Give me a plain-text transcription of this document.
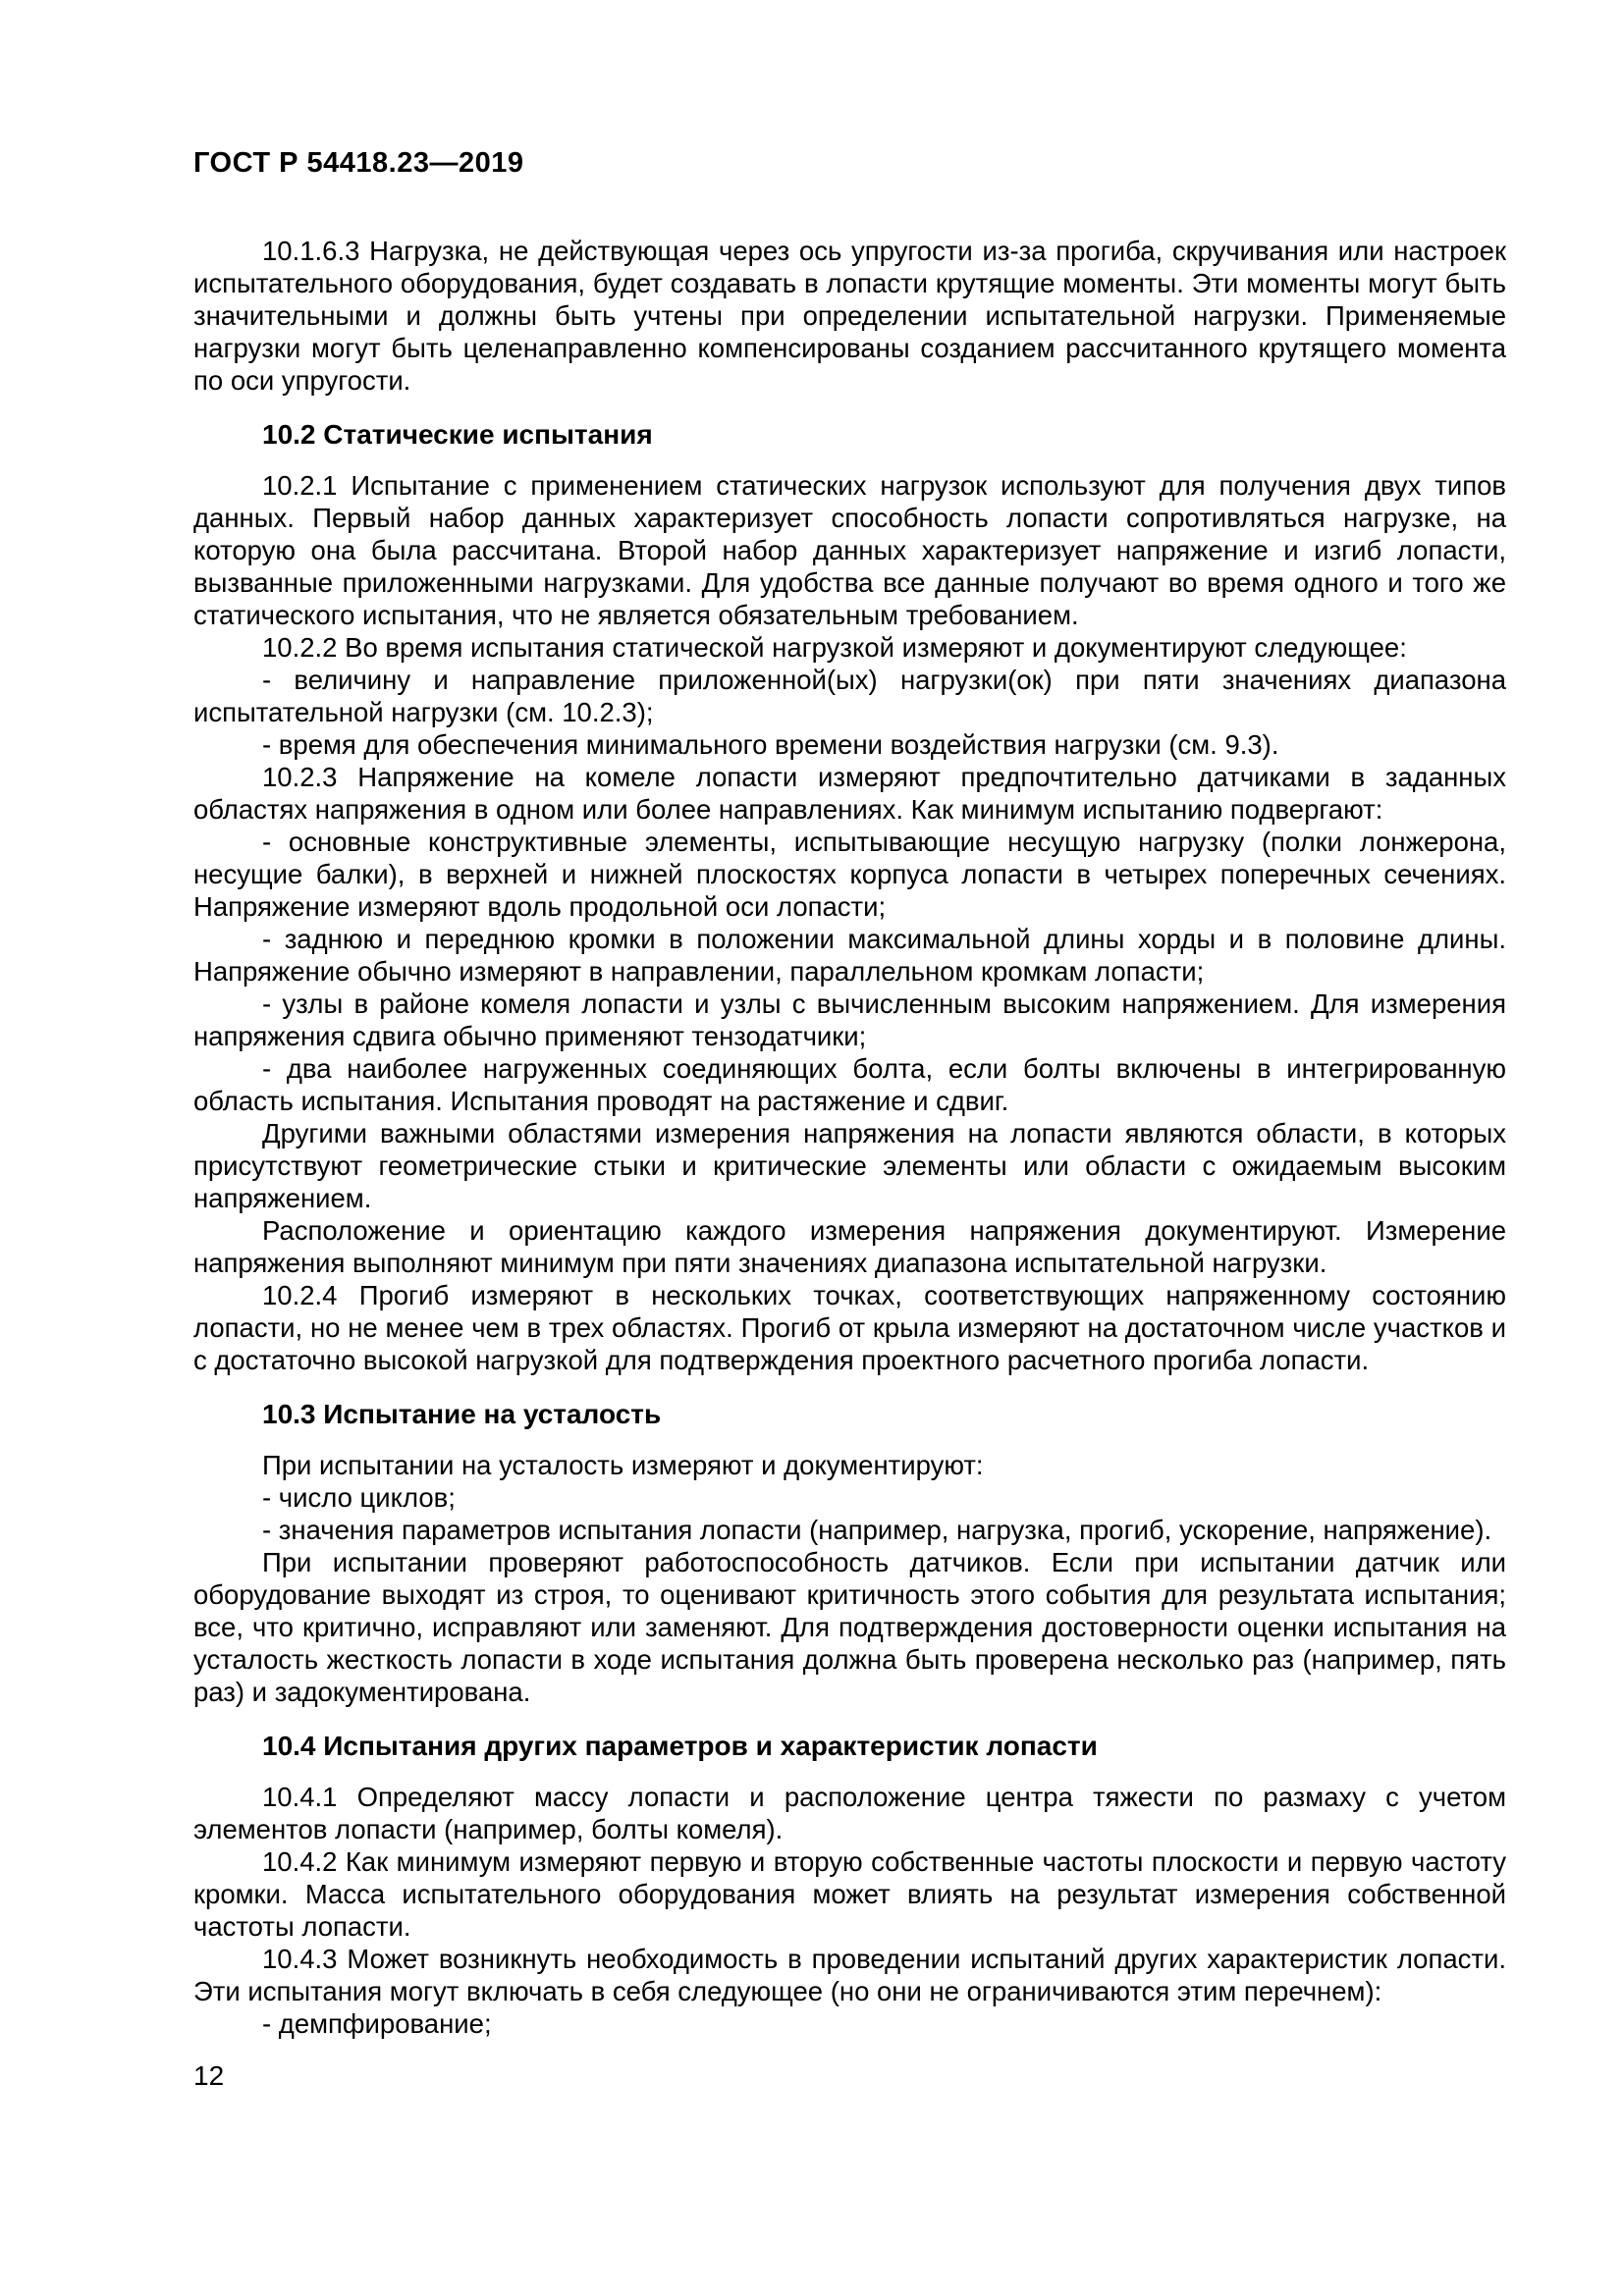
ГОСТ Р 54418.23—2019

10.1.6.3 Нагрузка, не действующая через ось упругости из-за прогиба, скручивания или настроек испытательного оборудования, будет создавать в лопасти крутящие моменты. Эти моменты могут быть значительными и должны быть учтены при определении испытательной нагрузки. Применяемые нагрузки могут быть целенаправленно компенсированы созданием рассчитанного крутящего момента по оси упругости.

10.2 Статические испытания

10.2.1 Испытание с применением статических нагрузок используют для получения двух типов данных. Первый набор данных характеризует способность лопасти сопротивляться нагрузке, на которую она была рассчитана. Второй набор данных характеризует напряжение и изгиб лопасти, вызванные приложенными нагрузками. Для удобства все данные получают во время одного и того же статического испытания, что не является обязательным требованием.

10.2.2 Во время испытания статической нагрузкой измеряют и документируют следующее:

- величину и направление приложенной(ых) нагрузки(ок) при пяти значениях диапазона испытательной нагрузки (см. 10.2.3);

- время для обеспечения минимального времени воздействия нагрузки (см. 9.3).

10.2.3 Напряжение на комеле лопасти измеряют предпочтительно датчиками в заданных областях напряжения в одном или более направлениях. Как минимум испытанию подвергают:

- основные конструктивные элементы, испытывающие несущую нагрузку (полки лонжерона, несущие балки), в верхней и нижней плоскостях корпуса лопасти в четырех поперечных сечениях. Напряжение измеряют вдоль продольной оси лопасти;

- заднюю и переднюю кромки в положении максимальной длины хорды и в половине длины. Напряжение обычно измеряют в направлении, параллельном кромкам лопасти;

- узлы в районе комеля лопасти и узлы с вычисленным высоким напряжением. Для измерения напряжения сдвига обычно применяют тензодатчики;

- два наиболее нагруженных соединяющих болта, если болты включены в интегрированную область испытания. Испытания проводят на растяжение и сдвиг.

Другими важными областями измерения напряжения на лопасти являются области, в которых присутствуют геометрические стыки и критические элементы или области с ожидаемым высоким напряжением.

Расположение и ориентацию каждого измерения напряжения документируют. Измерение напряжения выполняют минимум при пяти значениях диапазона испытательной нагрузки.

10.2.4 Прогиб измеряют в нескольких точках, соответствующих напряженному состоянию лопасти, но не менее чем в трех областях. Прогиб от крыла измеряют на достаточном числе участков и с достаточно высокой нагрузкой для подтверждения проектного расчетного прогиба лопасти.

10.3 Испытание на усталость

При испытании на усталость измеряют и документируют:

- число циклов;

- значения параметров испытания лопасти (например, нагрузка, прогиб, ускорение, напряжение).

При испытании проверяют работоспособность датчиков. Если при испытании датчик или оборудование выходят из строя, то оценивают критичность этого события для результата испытания; все, что критично, исправляют или заменяют. Для подтверждения достоверности оценки испытания на усталость жесткость лопасти в ходе испытания должна быть проверена несколько раз (например, пять раз) и задокументирована.

10.4 Испытания других параметров и характеристик лопасти

10.4.1 Определяют массу лопасти и расположение центра тяжести по размаху с учетом элементов лопасти (например, болты комеля).

10.4.2 Как минимум измеряют первую и вторую собственные частоты плоскости и первую частоту кромки. Масса испытательного оборудования может влиять на результат измерения собственной частоты лопасти.

10.4.3 Может возникнуть необходимость в проведении испытаний других характеристик лопасти. Эти испытания могут включать в себя следующее (но они не ограничиваются этим перечнем):

- демпфирование;

12
